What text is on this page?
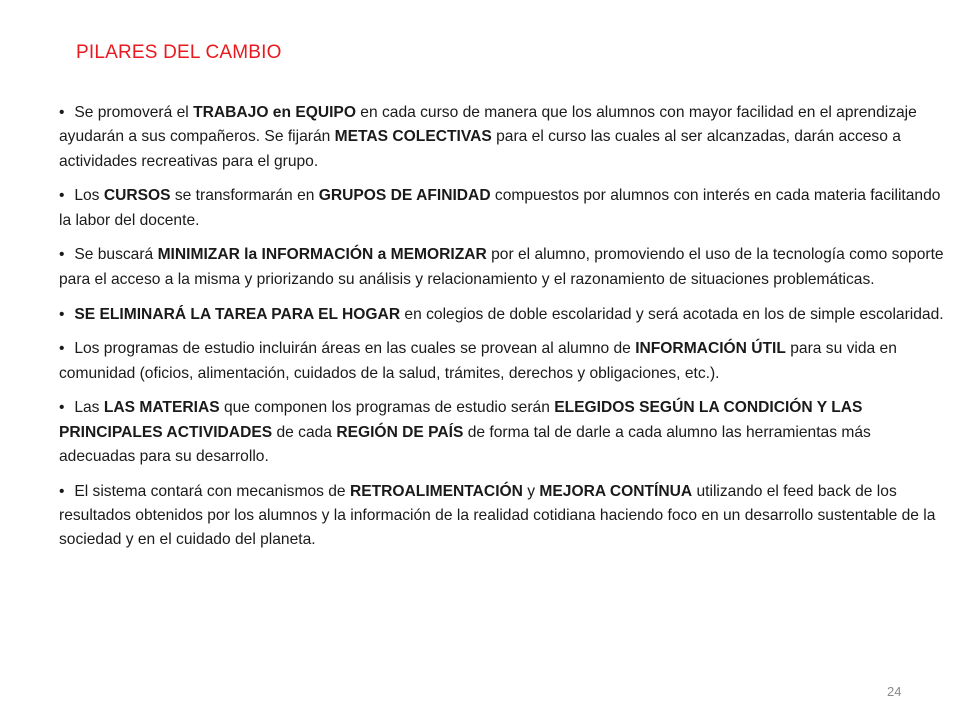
PILARES DEL CAMBIO
• Se promoverá el TRABAJO en EQUIPO en cada curso de manera que los alumnos con mayor facilidad en el aprendizaje ayudarán a sus compañeros. Se fijarán METAS COLECTIVAS para el curso las cuales al ser alcanzadas, darán acceso a actividades recreativas para el grupo.
• Los CURSOS se transformarán en GRUPOS DE AFINIDAD compuestos por alumnos con interés en cada materia facilitando la labor del docente.
• Se buscará MINIMIZAR la INFORMACIÓN a MEMORIZAR por el alumno, promoviendo el uso de la tecnología como soporte para el acceso a la misma y priorizando su análisis y relacionamiento y el razonamiento de situaciones problemáticas.
• SE ELIMINARÁ LA TAREA PARA EL HOGAR en colegios de doble escolaridad y será acotada en los de simple escolaridad.
• Los programas de estudio incluirán áreas en las cuales se provean al alumno de INFORMACIÓN ÚTIL para su vida en comunidad (oficios, alimentación, cuidados de la salud, trámites, derechos y obligaciones, etc.).
• Las LAS MATERIAS que componen los programas de estudio serán ELEGIDOS SEGÚN LA CONDICIÓN Y LAS PRINCIPALES ACTIVIDADES de cada REGIÓN DE PAÍS de forma tal de darle a cada alumno las herramientas más adecuadas para su desarrollo.
• El sistema contará con mecanismos de RETROALIMENTACIÓN y MEJORA CONTÍNUA utilizando el feed back de los resultados obtenidos por los alumnos y la información de la realidad cotidiana haciendo foco en un desarrollo sustentable de la sociedad y en el cuidado del planeta.
24
